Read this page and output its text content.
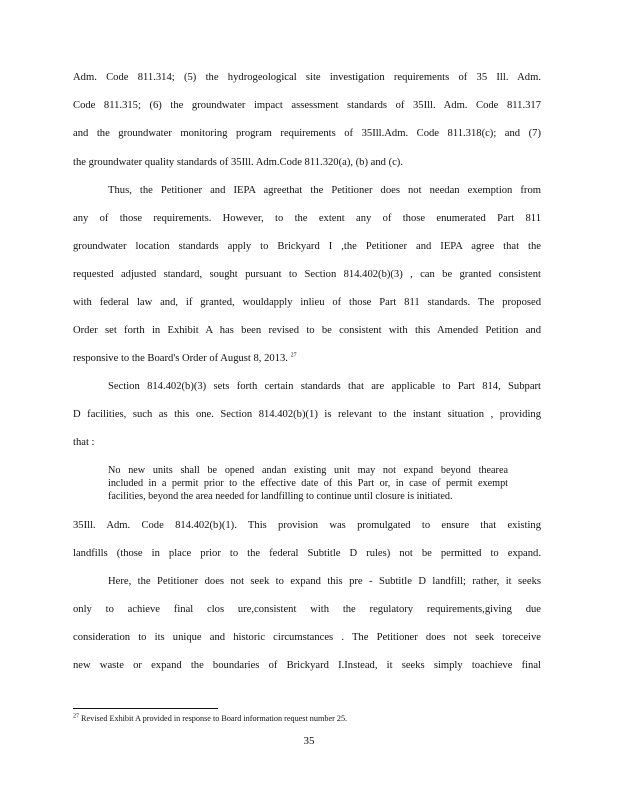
Adm. Code 811.314; (5) the hydrogeological site investigation requirements of 35 Ill. Adm.
Code 811.315; (6) the groundwater impact assessment standards of 35Ill. Adm. Code 811.317
and the groundwater monitoring program requirements of 35Ill.Adm. Code 811.318(c); and (7)
the groundwater quality standards of 35Ill. Adm.Code 811.320(a), (b) and (c).
Thus, the Petitioner and IEPA agreethat the Petitioner does not needan exemption from
any of those requirements. However, to the extent any of those enumerated Part 811
groundwater location standards apply to Brickyard I ,the Petitioner and IEPA agree that the
requested adjusted standard, sought pursuant to Section 814.402(b)(3) , can be granted consistent
with federal law and, if granted, wouldapply inlieu of those Part 811 standards. The proposed
Order set forth in Exhibit A has been revised to be consistent with this Amended Petition and
responsive to the Board's Order of August 8, 2013. $^{27}$
Section 814.402(b)(3) sets forth certain standards that are applicable to Part 814, Subpart
D facilities, such as this one. Section 814.402(b)(1) is relevant to the instant situation , providing
that :
No new units shall be opened andan existing unit may not expand beyond thearea
included in a permit prior to the effective date of this Part or, in case of permit exempt
facilities, beyond the area needed for landfilling to continue until closure is initiated.
35Ill. Adm. Code 814.402(b)(1). This provision was promulgated to ensure that existing
landfills (those in place prior to the federal Subtitle D rules) not be permitted to expand.
Here, the Petitioner does not seek to expand this pre - Subtitle D landfill; rather, it seeks
only to achieve final clos ure,consistent with the regulatory requirements,giving due
consideration to its unique and historic circumstances . The Petitioner does not seek toreceive
new waste or expand the boundaries of Brickyard I.Instead, it seeks simply toachieve final
$^{27}$ Revised Exhibit A provided in response to Board information request number 25.
35
